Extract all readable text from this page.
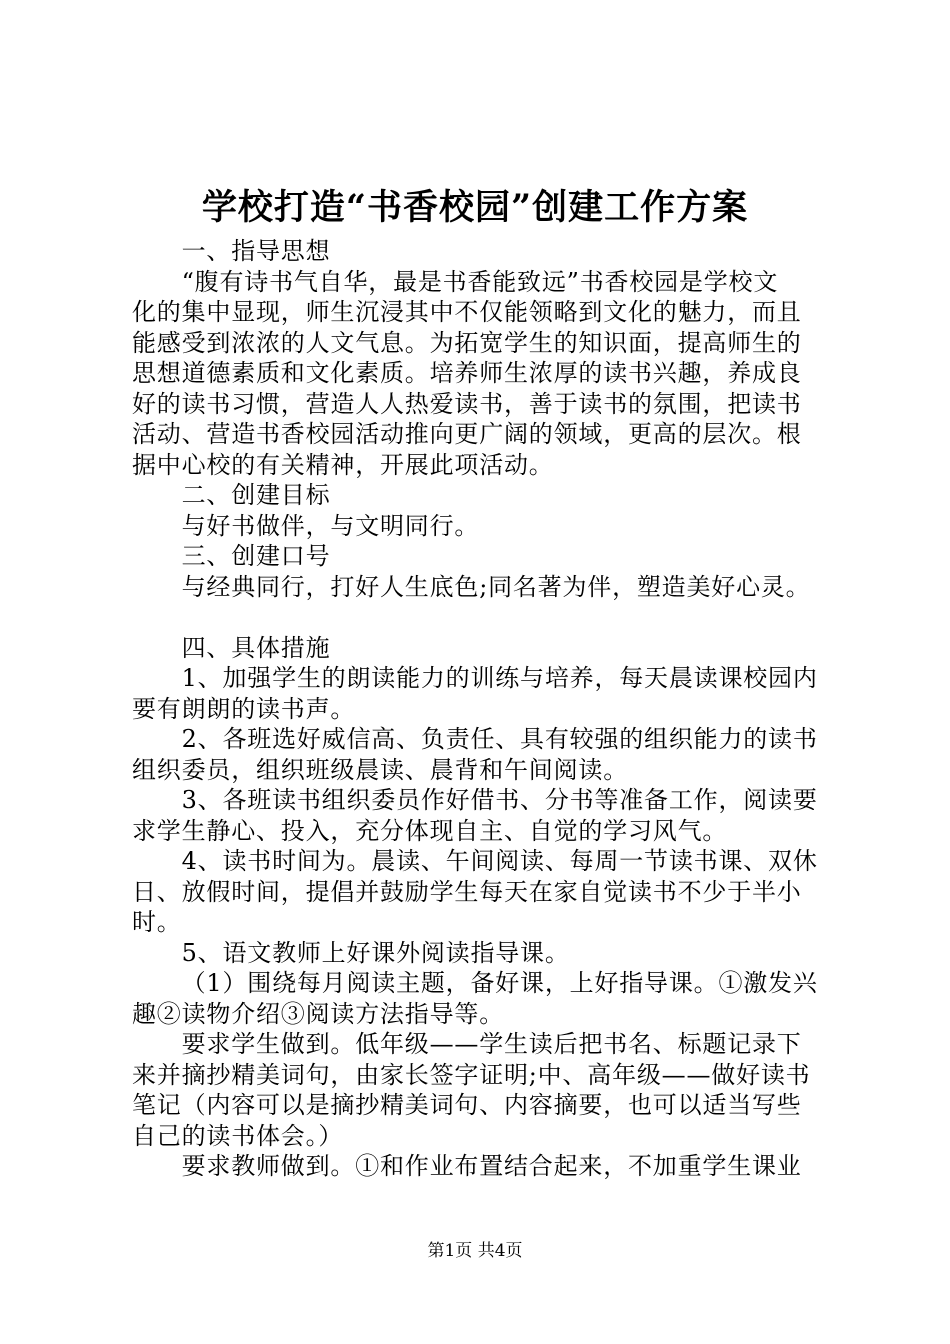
学校打造“书香校园”创建工作方案
一、指导思想
“腹有诗书气自华，最是书香能致远”书香校园是学校文
化的集中显现，师生沉浸其中不仅能领略到文化的魅力，而且
能感受到浓浓的人文气息。为拓宽学生的知识面，提高师生的
思想道德素质和文化素质。培养师生浓厚的读书兴趣，养成良
好的读书习惯，营造人人热爱读书，善于读书的氛围，把读书
活动、营造书香校园活动推向更广阔的领域，更高的层次。根
据中心校的有关精神，开展此项活动。
二、创建目标
与好书做伴，与文明同行。
三、创建口号
与经典同行，打好人生底色;同名著为伴，塑造美好心灵。
四、具体措施
1、加强学生的朗读能力的训练与培养，每天晨读课校园内
要有朗朗的读书声。
2、各班选好威信高、负责任、具有较强的组织能力的读书
组织委员，组织班级晨读、晨背和午间阅读。
3、各班读书组织委员作好借书、分书等准备工作，阅读要
求学生静心、投入，充分体现自主、自觉的学习风气。
4、读书时间为。晨读、午间阅读、每周一节读书课、双休
日、放假时间，提倡并鼓励学生每天在家自觉读书不少于半小
时。
5、语文教师上好课外阅读指导课。
（1）围绕每月阅读主题，备好课，上好指导课。①激发兴
趣②读物介绍③阅读方法指导等。
要求学生做到。低年级——学生读后把书名、标题记录下
来并摘抄精美词句，由家长签字证明;中、高年级——做好读书
笔记（内容可以是摘抄精美词句、内容摘要，也可以适当写些
自己的读书体会。）
要求教师做到。①和作业布置结合起来，不加重学生课业
第1页 共4页
